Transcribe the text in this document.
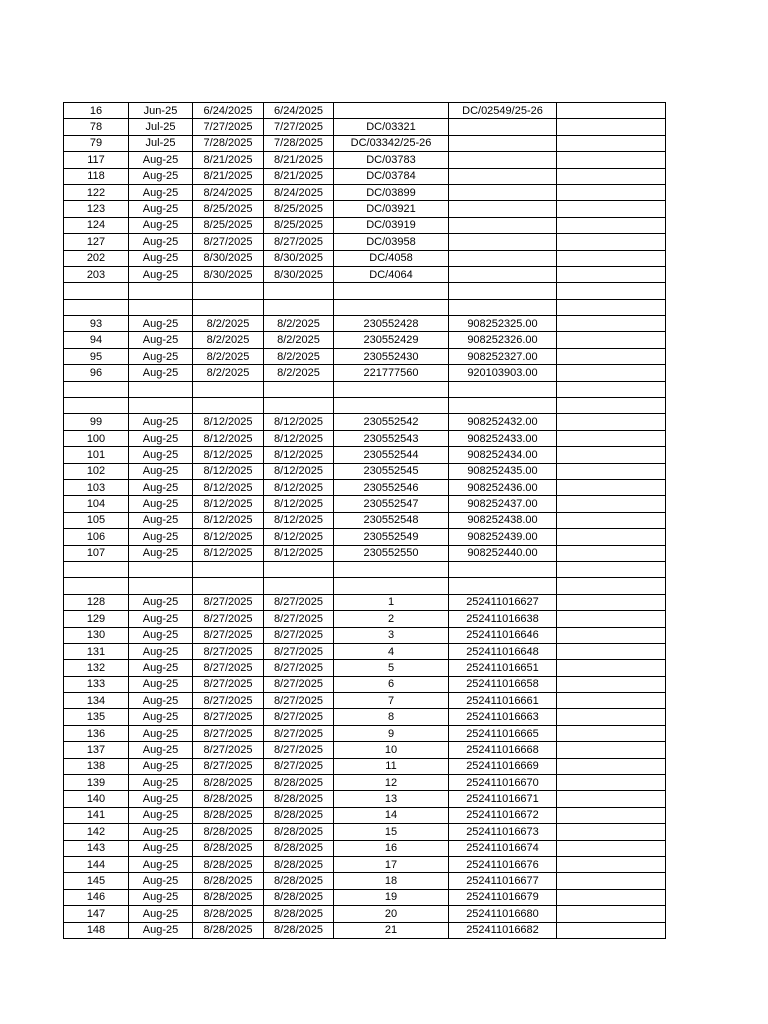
16	Jun-25	6/24/2025	6/24/2025		DC/02549/25-26	
78	Jul-25	7/27/2025	7/27/2025	DC/03321		
79	Jul-25	7/28/2025	7/28/2025	DC/03342/25-26		
117	Aug-25	8/21/2025	8/21/2025	DC/03783		
118	Aug-25	8/21/2025	8/21/2025	DC/03784		
122	Aug-25	8/24/2025	8/24/2025	DC/03899		
123	Aug-25	8/25/2025	8/25/2025	DC/03921		
124	Aug-25	8/25/2025	8/25/2025	DC/03919		
127	Aug-25	8/27/2025	8/27/2025	DC/03958		
202	Aug-25	8/30/2025	8/30/2025	DC/4058		
203	Aug-25	8/30/2025	8/30/2025	DC/4064		

93	Aug-25	8/2/2025	8/2/2025	230552428	908252325.00	
94	Aug-25	8/2/2025	8/2/2025	230552429	908252326.00	
95	Aug-25	8/2/2025	8/2/2025	230552430	908252327.00	
96	Aug-25	8/2/2025	8/2/2025	221777560	920103903.00	

99	Aug-25	8/12/2025	8/12/2025	230552542	908252432.00	
100	Aug-25	8/12/2025	8/12/2025	230552543	908252433.00	
101	Aug-25	8/12/2025	8/12/2025	230552544	908252434.00	
102	Aug-25	8/12/2025	8/12/2025	230552545	908252435.00	
103	Aug-25	8/12/2025	8/12/2025	230552546	908252436.00	
104	Aug-25	8/12/2025	8/12/2025	230552547	908252437.00	
105	Aug-25	8/12/2025	8/12/2025	230552548	908252438.00	
106	Aug-25	8/12/2025	8/12/2025	230552549	908252439.00	
107	Aug-25	8/12/2025	8/12/2025	230552550	908252440.00	

128	Aug-25	8/27/2025	8/27/2025	1	252411016627	
129	Aug-25	8/27/2025	8/27/2025	2	252411016638	
130	Aug-25	8/27/2025	8/27/2025	3	252411016646	
131	Aug-25	8/27/2025	8/27/2025	4	252411016648	
132	Aug-25	8/27/2025	8/27/2025	5	252411016651	
133	Aug-25	8/27/2025	8/27/2025	6	252411016658	
134	Aug-25	8/27/2025	8/27/2025	7	252411016661	
135	Aug-25	8/27/2025	8/27/2025	8	252411016663	
136	Aug-25	8/27/2025	8/27/2025	9	252411016665	
137	Aug-25	8/27/2025	8/27/2025	10	252411016668	
138	Aug-25	8/27/2025	8/27/2025	11	252411016669	
139	Aug-25	8/28/2025	8/28/2025	12	252411016670	
140	Aug-25	8/28/2025	8/28/2025	13	252411016671	
141	Aug-25	8/28/2025	8/28/2025	14	252411016672	
142	Aug-25	8/28/2025	8/28/2025	15	252411016673	
143	Aug-25	8/28/2025	8/28/2025	16	252411016674	
144	Aug-25	8/28/2025	8/28/2025	17	252411016676	
145	Aug-25	8/28/2025	8/28/2025	18	252411016677	
146	Aug-25	8/28/2025	8/28/2025	19	252411016679	
147	Aug-25	8/28/2025	8/28/2025	20	252411016680	
148	Aug-25	8/28/2025	8/28/2025	21	252411016682	
